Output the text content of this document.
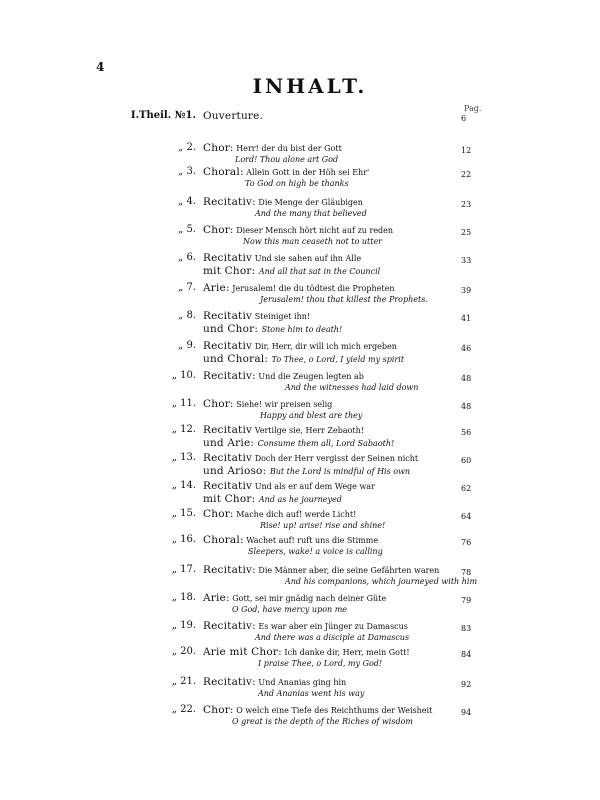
4
INHALT.
Pag.
I.Theil. №1. Ouverture.	6
„ 2. Chor: Herr! der du bist der Gott
Lord! Thou alone art God
12
„ 3. Choral: Allein Gott in der Höh sei Ehr'
To God on high be thanks
22
„ 4. Recitativ: Die Menge der Gläubigen
And the many that believed
23
„ 5. Chor: Dieser Mensch hört nicht auf zu reden
Now this man ceaseth not to utter
25
„ 6. Recitativ Und sie sahen auf ihn Alle
mit Chor: And all that sat in the Council
33
„ 7. Arie: Jerusalem! die du tödtest die Propheten
Jerusalem! thou that killest the Prophets.
39
„ 8. Recitativ Steiniget ihn!
und Chor: Stone him to death!
41
„ 9. Recitativ Dir, Herr, dir will ich mich ergeben
und Choral: To Thee, o Lord, I yield my spirit
46
„ 10. Recitativ: Und die Zeugen legten ab
And the witnesses had laid down
48
„ 11. Chor: Siehe! wir preisen selig
Happy and blest are they
48
„ 12. Recitativ Vertilge sie, Herr Zebaoth!
und Arie: Consume them all, Lord Sabaoth!
56
„ 13. Recitativ Doch der Herr vergisst der Seinen nicht
und Arioso: But the Lord is mindful of His own
60
„ 14. Recitativ Und als er auf dem Wege war
mit Chor: And as he journeyed
62
„ 15. Chor: Mache dich auf! werde Licht!
Rise! up! arise! rise and shine!
64
„ 16. Choral: Wachet auf! ruft uns die Stimme
Sleepers, wake! a voice is calling
76
„ 17. Recitativ: Die Männer aber, die seine Gefährten waren
And his companions, which journeyed with him
78
„ 18. Arie: Gott, sei mir gnädig nach deiner Güte
O God, have mercy upon me
79
„ 19. Recitativ: Es war aber ein Jünger zu Damascus
And there was a disciple at Damascus
83
„ 20. Arie mit Chor: Ich danke dir, Herr, mein Gott!
I praise Thee, o Lord, my God!
84
„ 21. Recitativ: Und Ananias ging hin
And Ananias went his way
92
„ 22. Chor: O welch eine Tiefe des Reichthums der Weisheit
O great is the depth of the Riches of wisdom
94
